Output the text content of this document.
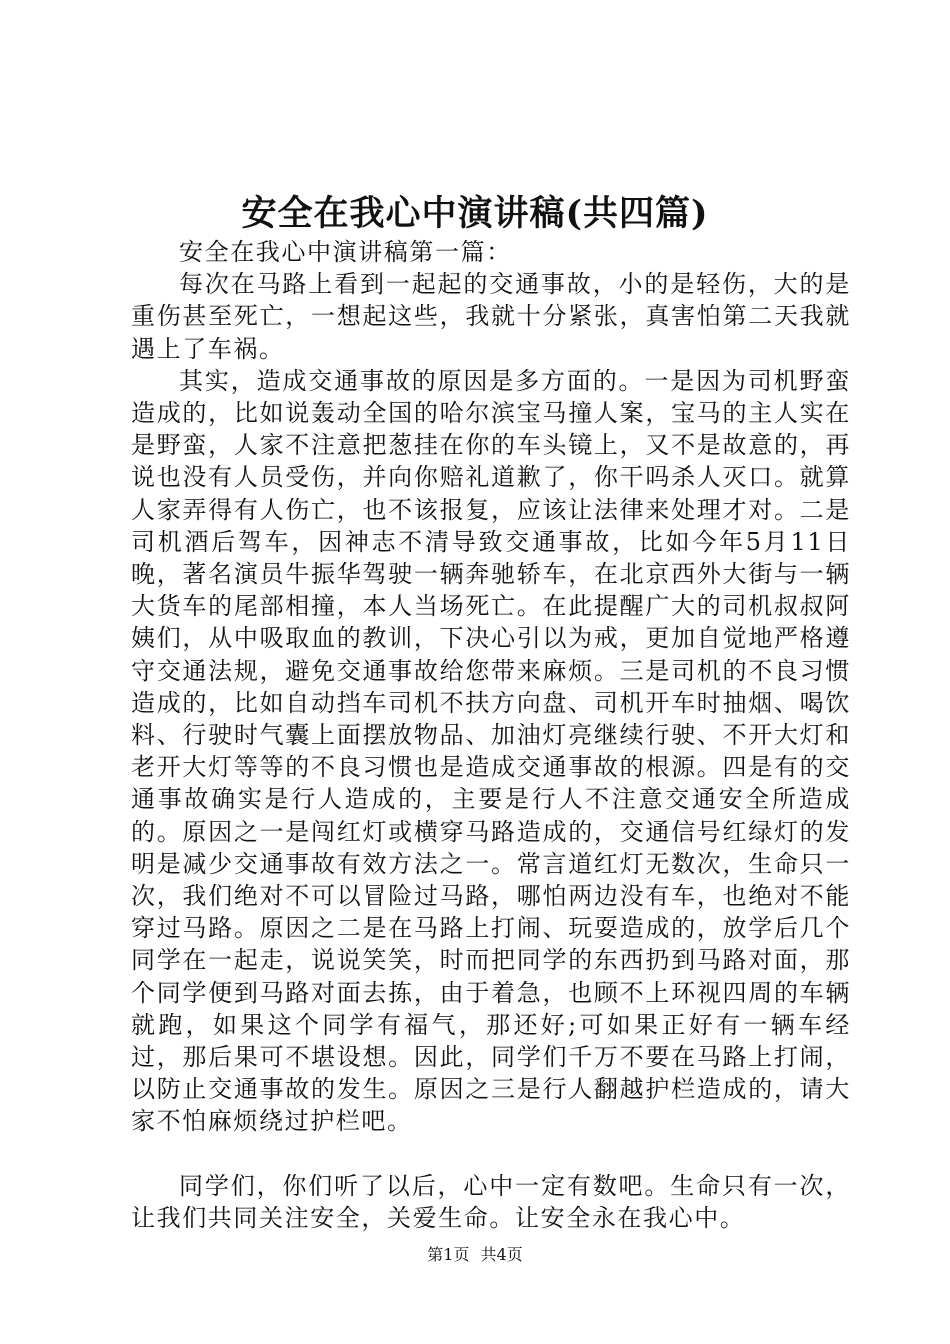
安全在我心中演讲稿(共四篇)

安全在我心中演讲稿第一篇：

每次在马路上看到一起起的交通事故，小的是轻伤，大的是重伤甚至死亡，一想起这些，我就十分紧张，真害怕第二天我就遇上了车祸。

其实，造成交通事故的原因是多方面的。一是因为司机野蛮造成的，比如说轰动全国的哈尔滨宝马撞人案，宝马的主人实在是野蛮，人家不注意把葱挂在你的车头镜上，又不是故意的，再说也没有人员受伤，并向你赔礼道歉了，你干吗杀人灭口。就算人家弄得有人伤亡，也不该报复，应该让法律来处理才对。二是司机酒后驾车，因神志不清导致交通事故，比如今年5月11日晚，著名演员牛振华驾驶一辆奔驰轿车，在北京西外大街与一辆大货车的尾部相撞，本人当场死亡。在此提醒广大的司机叔叔阿姨们，从中吸取血的教训，下决心引以为戒，更加自觉地严格遵守交通法规，避免交通事故给您带来麻烦。三是司机的不良习惯造成的，比如自动挡车司机不扶方向盘、司机开车时抽烟、喝饮料、行驶时气囊上面摆放物品、加油灯亮继续行驶、不开大灯和老开大灯等等的不良习惯也是造成交通事故的根源。四是有的交通事故确实是行人造成的，主要是行人不注意交通安全所造成的。原因之一是闯红灯或横穿马路造成的，交通信号红绿灯的发明是减少交通事故有效方法之一。常言道红灯无数次，生命只一次，我们绝对不可以冒险过马路，哪怕两边没有车，也绝对不能穿过马路。原因之二是在马路上打闹、玩耍造成的，放学后几个同学在一起走，说说笑笑，时而把同学的东西扔到马路对面，那个同学便到马路对面去拣，由于着急，也顾不上环视四周的车辆就跑，如果这个同学有福气，那还好;可如果正好有一辆车经过，那后果可不堪设想。因此，同学们千万不要在马路上打闹，以防止交通事故的发生。原因之三是行人翻越护栏造成的，请大家不怕麻烦绕过护栏吧。

同学们，你们听了以后，心中一定有数吧。生命只有一次，让我们共同关注安全，关爱生命。让安全永在我心中。

第1页 共4页
